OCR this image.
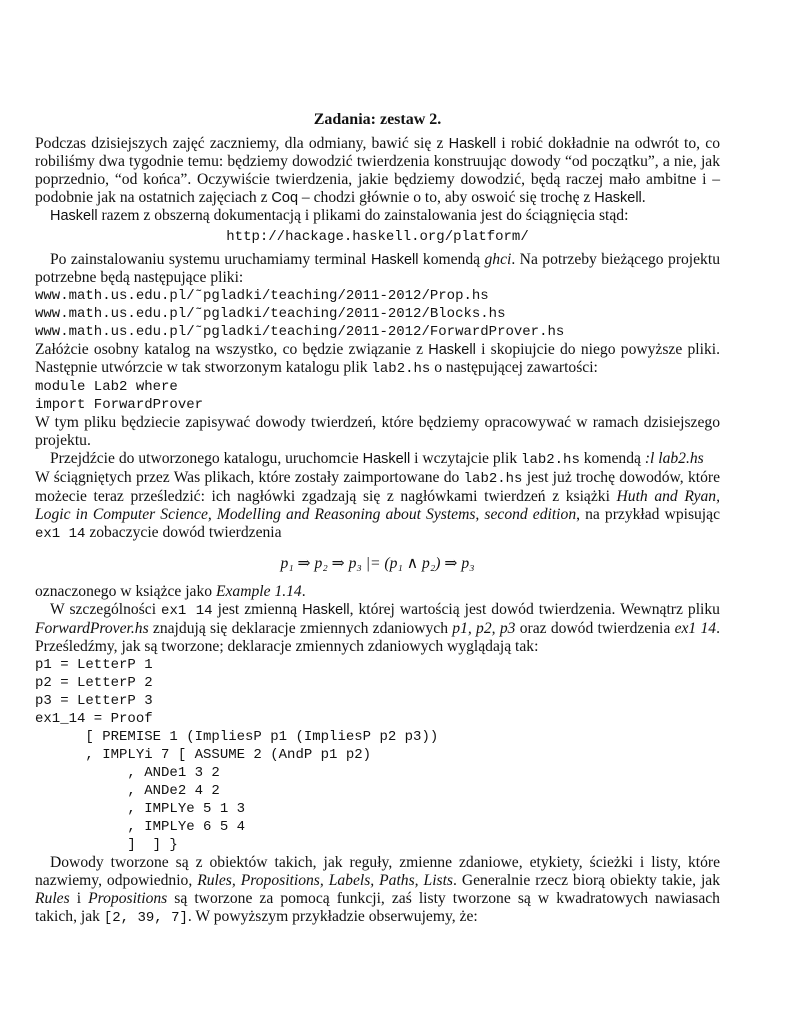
Zadania: zestaw 2.

Podczas dzisiejszych zajęć zaczniemy, dla odmiany, bawić się z Haskell i robić dokładnie na odwrót to, co robiliśmy dwa tygodnie temu: będziemy dowodzić twierdzenia konstruując dowody “od początku”, a nie, jak poprzednio, “od końca”. Oczywiście twierdzenia, jakie będziemy dowodzić, będą raczej mało ambitne i – podobnie jak na ostatnich zajęciach z Coq – chodzi głównie o to, aby oswoić się trochę z Haskell.

Haskell razem z obszerną dokumentacją i plikami do zainstalowania jest do ściągnięcia stąd:

http://hackage.haskell.org/platform/

Po zainstalowaniu systemu uruchamiamy terminal Haskell komendą ghci. Na potrzeby bieżącego projektu potrzebne będą następujące pliki:

www.math.us.edu.pl/˜pgladki/teaching/2011-2012/Prop.hs
www.math.us.edu.pl/˜pgladki/teaching/2011-2012/Blocks.hs
www.math.us.edu.pl/˜pgladki/teaching/2011-2012/ForwardProver.hs

Załóżcie osobny katalog na wszystko, co będzie związanie z Haskell i skopiujcie do niego powyższe pliki. Następnie utwórzcie w tak stworzonym katalogu plik lab2.hs o następującej zawartości:

module Lab2 where
import ForwardProver

W tym pliku będziecie zapisywać dowody twierdzeń, które będziemy opracowywać w ramach dzisiejszego projektu.

Przejdźcie do utworzonego katalogu, uruchomcie Haskell i wczytajcie plik lab2.hs komendą :l lab2.hs

W ściągniętych przez Was plikach, które zostały zaimportowane do lab2.hs jest już trochę dowodów, które możecie teraz prześledzić: ich nagłówki zgadzają się z nagłówkami twierdzeń z książki Huth and Ryan, Logic in Computer Science, Modelling and Reasoning about Systems, second edition, na przykład wpisując ex1 14 zobaczycie dowód twierdzenia

p₁ ⇒ p₂ ⇒ p₃ |= (p₁ ∧ p₂) ⇒ p₃

oznaczonego w książce jako Example 1.14.

W szczególności ex1 14 jest zmienną Haskell, której wartością jest dowód twierdzenia. Wewnątrz pliku ForwardProver.hs znajdują się deklaracje zmiennych zdaniowych p1, p2, p3 oraz dowód twierdzenia ex1 14. Prześledźmy, jak są tworzone; deklaracje zmiennych zdaniowych wyglądają tak:

p1 = LetterP 1
p2 = LetterP 2
p3 = LetterP 3
ex1_14 = Proof
[ PREMISE 1 (ImpliesP p1 (ImpliesP p2 p3))
, IMPLYi 7 [ ASSUME 2 (AndP p1 p2)
, ANDe1 3 2
, ANDe2 4 2
, IMPLYe 5 1 3
, IMPLYe 6 5 4
]  ] }

Dowody tworzone są z obiektów takich, jak reguły, zmienne zdaniowe, etykiety, ścieżki i listy, które nazwiemy, odpowiednio, Rules, Propositions, Labels, Paths, Lists. Generalnie rzecz biorą obiekty takie, jak Rules i Propositions są tworzone za pomocą funkcji, zaś listy tworzone są w kwadratowych nawiasach takich, jak [2, 39, 7]. W powyższym przykładzie obserwujemy, że:
